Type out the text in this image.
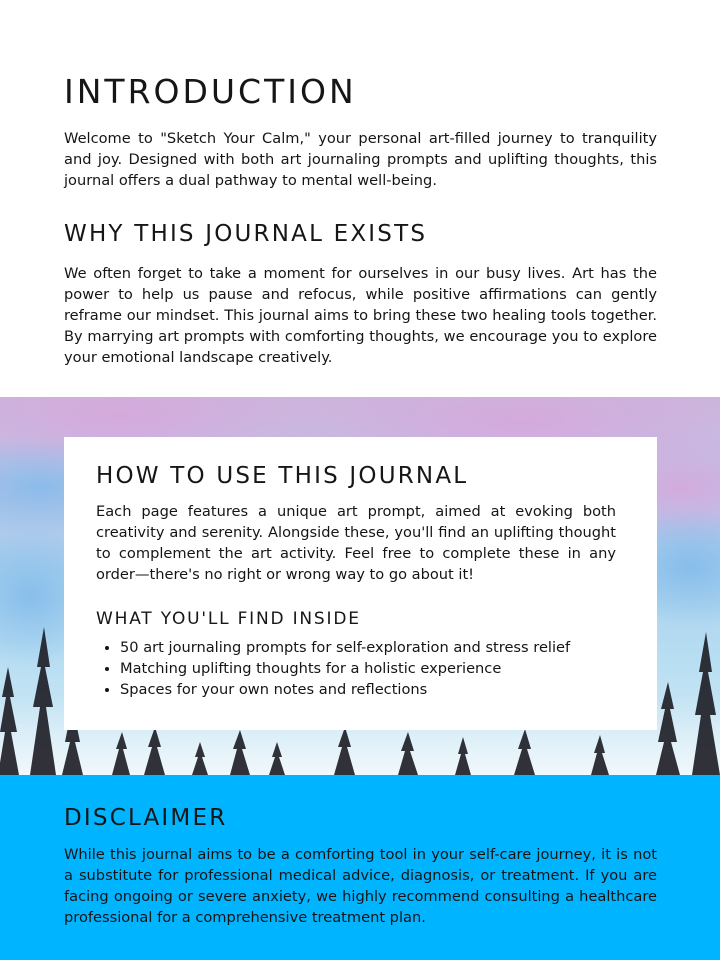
INTRODUCTION

Welcome to "Sketch Your Calm," your personal art-filled journey to tranquility and joy. Designed with both art journaling prompts and uplifting thoughts, this journal offers a dual pathway to mental well-being.

WHY THIS JOURNAL EXISTS

We often forget to take a moment for ourselves in our busy lives. Art has the power to help us pause and refocus, while positive affirmations can gently reframe our mindset. This journal aims to bring these two healing tools together. By marrying art prompts with comforting thoughts, we encourage you to explore your emotional landscape creatively.

HOW TO USE THIS JOURNAL

Each page features a unique art prompt, aimed at evoking both creativity and serenity. Alongside these, you'll find an uplifting thought to complement the art activity. Feel free to complete these in any order—there's no right or wrong way to go about it!

WHAT YOU'LL FIND INSIDE
• 50 art journaling prompts for self-exploration and stress relief
• Matching uplifting thoughts for a holistic experience
• Spaces for your own notes and reflections
DISCLAIMER

While this journal aims to be a comforting tool in your self-care journey, it is not a substitute for professional medical advice, diagnosis, or treatment. If you are facing ongoing or severe anxiety, we highly recommend consulting a healthcare professional for a comprehensive treatment plan.
